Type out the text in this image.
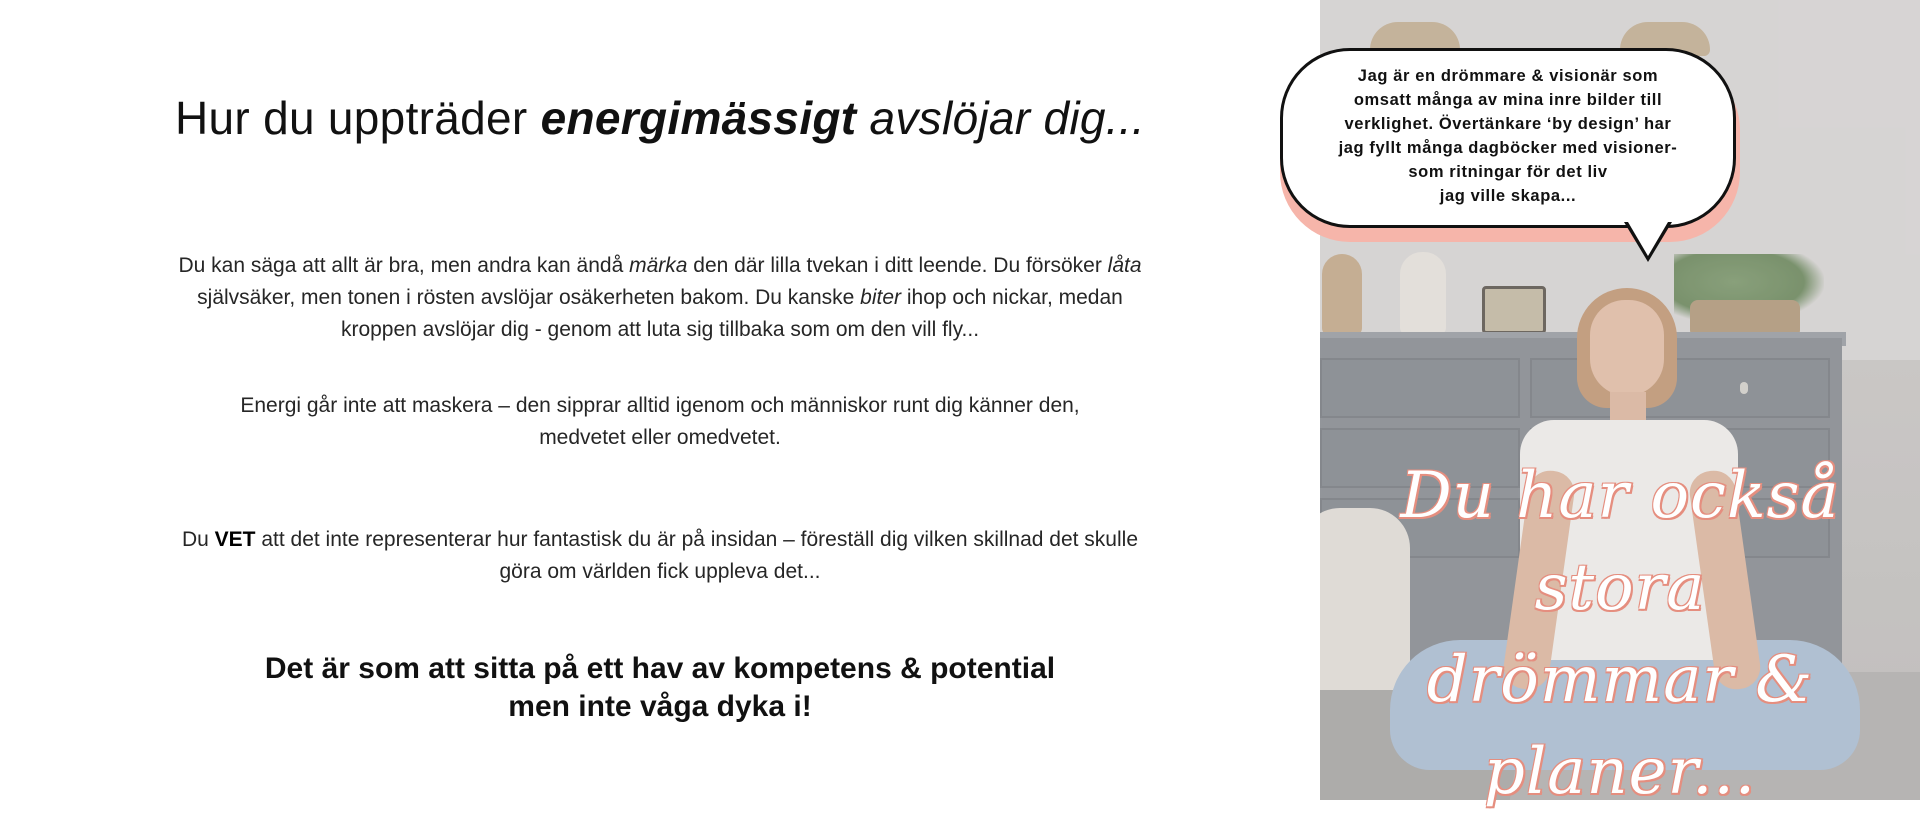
Hur du uppträder energimässigt avslöjar dig...

Du kan säga att allt är bra, men andra kan ändå märka den där lilla tvekan i ditt leende. Du försöker låta självsäker, men tonen i rösten avslöjar osäkerheten bakom. Du kanske biter ihop och nickar, medan kroppen avslöjar dig - genom att luta sig tillbaka som om den vill fly...

Energi går inte att maskera – den sipprar alltid igenom och människor runt dig känner den, medvetet eller omedvetet.

Du VET att det inte representerar hur fantastisk du är på insidan – föreställ dig vilken skillnad det skulle göra om världen fick uppleva det...

Det är som att sitta på ett hav av kompetens & potential
men inte våga dyka i!
Du har också stora
drömmar & planer...
Jag är en drömmare & visionär som
omsatt många av mina inre bilder till
verklighet. Övertänkare ‘by design’ har
jag fyllt många dagböcker med visioner-
som ritningar för det liv
jag ville skapa...
